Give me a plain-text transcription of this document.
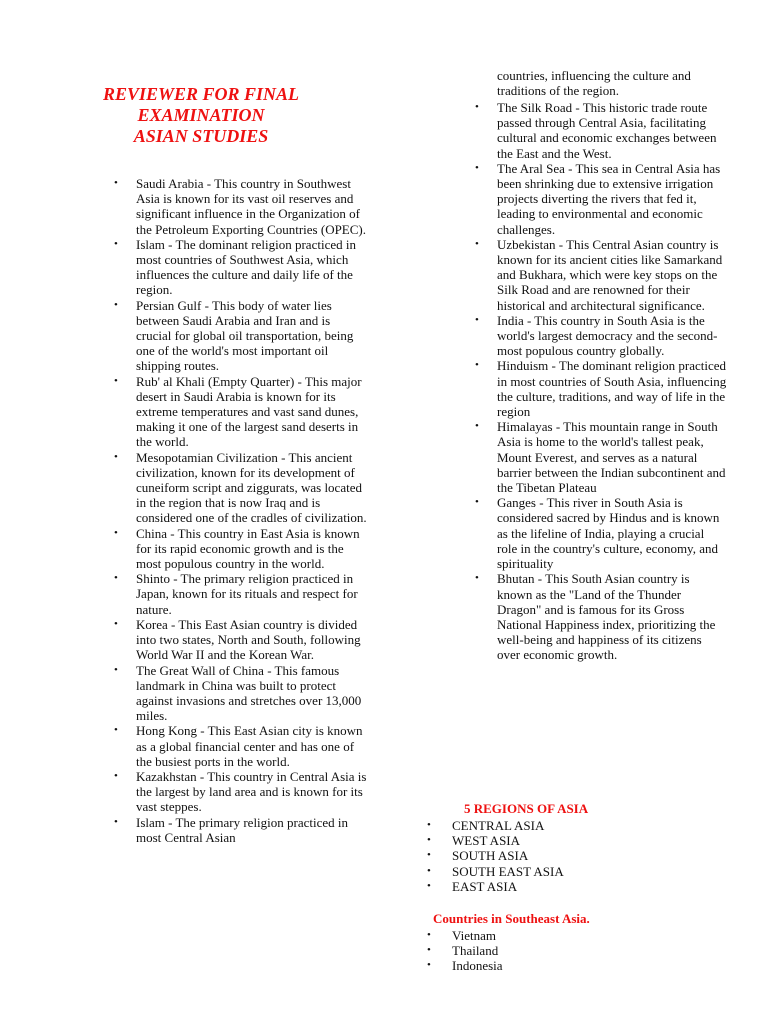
REVIEWER FOR FINAL
EXAMINATION
ASIAN STUDIES
• Saudi Arabia - This country in Southwest Asia is known for its vast oil reserves and significant influence in the Organization of the Petroleum Exporting Countries (OPEC).
• Islam - The dominant religion practiced in most countries of Southwest Asia, which influences the culture and daily life of the region.
• Persian Gulf - This body of water lies between Saudi Arabia and Iran and is crucial for global oil transportation, being one of the world's most important oil shipping routes.
• Rub' al Khali (Empty Quarter) - This major desert in Saudi Arabia is known for its extreme temperatures and vast sand dunes, making it one of the largest sand deserts in the world.
• Mesopotamian Civilization - This ancient civilization, known for its development of cuneiform script and ziggurats, was located in the region that is now Iraq and is considered one of the cradles of civilization.
• China - This country in East Asia is known for its rapid economic growth and is the most populous country in the world.
• Shinto - The primary religion practiced in Japan, known for its rituals and respect for nature.
• Korea - This East Asian country is divided into two states, North and South, following World War II and the Korean War.
• The Great Wall of China - This famous landmark in China was built to protect against invasions and stretches over 13,000 miles.
• Hong Kong - This East Asian city is known as a global financial center and has one of the busiest ports in the world.
• Kazakhstan - This country in Central Asia is the largest by land area and is known for its vast steppes.
• Islam - The primary religion practiced in most Central Asian
countries, influencing the culture and traditions of the region.
• The Silk Road - This historic trade route passed through Central Asia, facilitating cultural and economic exchanges between the East and the West.
• The Aral Sea - This sea in Central Asia has been shrinking due to extensive irrigation projects diverting the rivers that fed it, leading to environmental and economic challenges.
• Uzbekistan - This Central Asian country is known for its ancient cities like Samarkand and Bukhara, which were key stops on the Silk Road and are renowned for their historical and architectural significance.
• India - This country in South Asia is the world's largest democracy and the second-most populous country globally.
• Hinduism - The dominant religion practiced in most countries of South Asia, influencing the culture, traditions, and way of life in the region
• Himalayas - This mountain range in South Asia is home to the world's tallest peak, Mount Everest, and serves as a natural barrier between the Indian subcontinent and the Tibetan Plateau
• Ganges - This river in South Asia is considered sacred by Hindus and is known as the lifeline of India, playing a crucial role in the country's culture, economy, and spirituality
• Bhutan - This South Asian country is known as the "Land of the Thunder Dragon" and is famous for its Gross National Happiness index, prioritizing the well-being and happiness of its citizens over economic growth.
5 REGIONS OF ASIA
• CENTRAL ASIA
• WEST ASIA
• SOUTH ASIA
• SOUTH EAST ASIA
• EAST ASIA
Countries in Southeast Asia.
• Vietnam
• Thailand
• Indonesia
